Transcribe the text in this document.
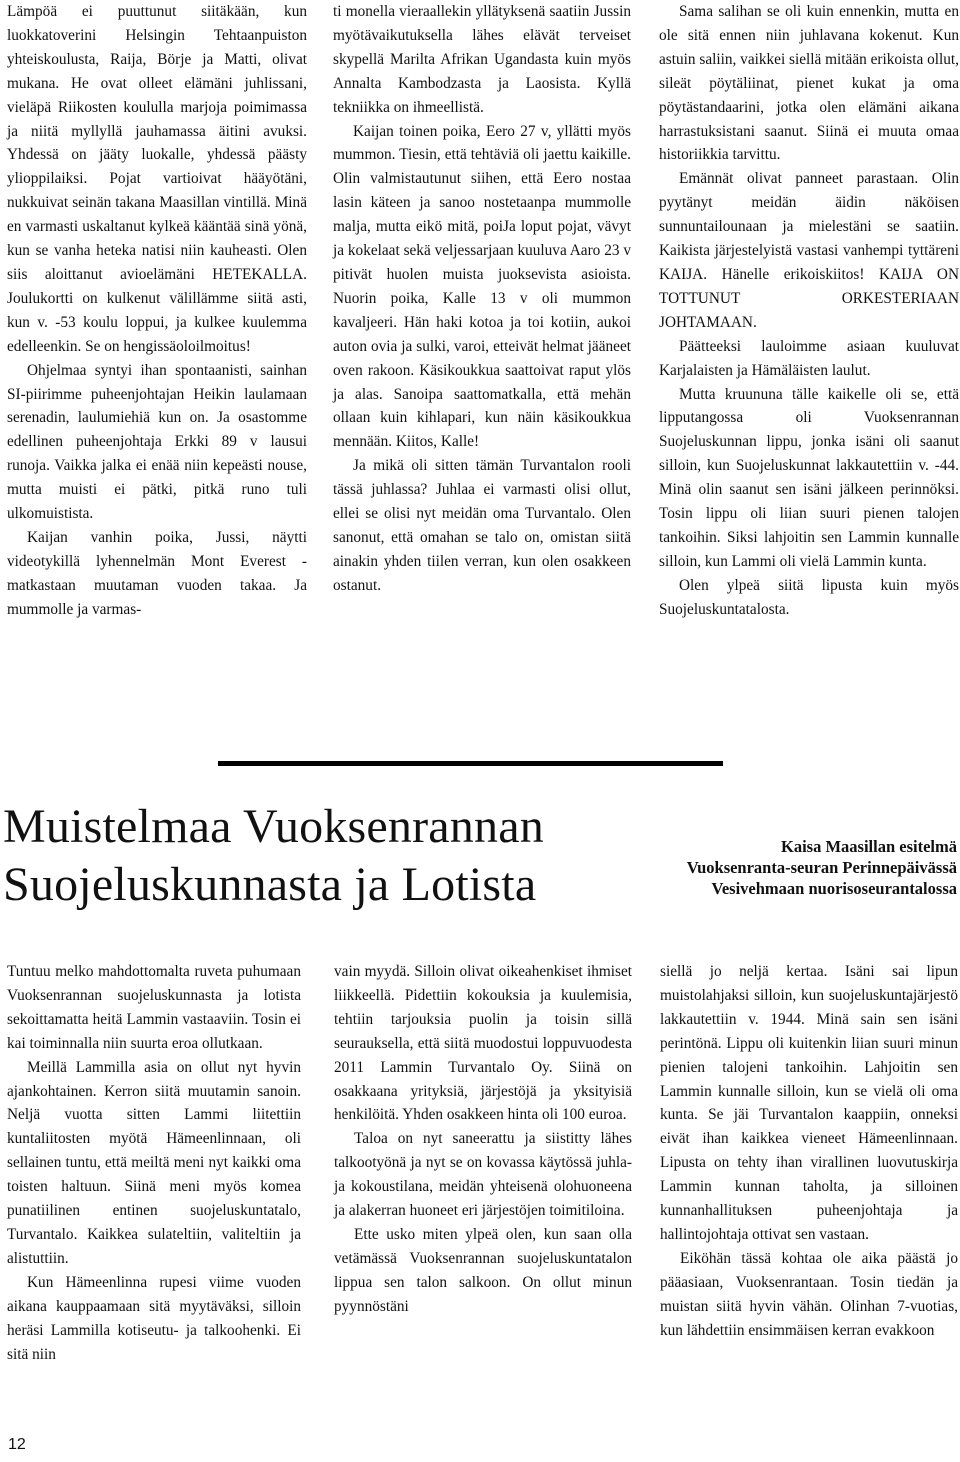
Lämpöä ei puuttunut siitäkään, kun luokkatoverini Helsingin Tehtaanpuiston yhteiskoulusta, Raija, Börje ja Matti, olivat mukana. He ovat olleet elämäni juhlissani, vieläpä Riikosten koululla marjoja poimimassa ja niitä myllyllä jauhamassa äitini avuksi. Yhdessä on jääty luokalle, yhdessä päästy ylioppilaiksi. Pojat vartioivat hääyötäni, nukkuivat seinän takana Maasillan vintillä. Minä en varmasti uskaltanut kylkeä kääntää sinä yönä, kun se vanha heteka natisi niin kauheasti. Olen siis aloittanut avioelämäni HETEKALLA. Joulukortti on kulkenut välillämme siitä asti, kun v. -53 koulu loppui, ja kulkee kuulemma edelleenkin. Se on hengissäoloilmoitus!

Ohjelmaa syntyi ihan spontaanisti, sainhan SI-piirimme puheenjohtajan Heikin laulamaan serenadin, laulumiehiä kun on. Ja osastomme edellinen puheenjohtaja Erkki 89 v lausui runoja. Vaikka jalka ei enää niin kepeästi nouse, mutta muisti ei pätki, pitkä runo tuli ulkomuistista.

Kaijan vanhin poika, Jussi, näytti videotykillä lyhennelmän Mont Everest -matkastaan muutaman vuoden takaa. Ja mummolle ja varmas-

ti monella vieraallekin yllätyksenä saatiin Jussin myötävaikutuksella lähes elävät terveiset skypellä Marilta Afrikan Ugandasta kuin myös Annalta Kambodzasta ja Laosista. Kyllä tekniikka on ihmeellistä.

Kaijan toinen poika, Eero 27 v, yllätti myös mummon. Tiesin, että tehtäviä oli jaettu kaikille. Olin valmistautunut siihen, että Eero nostaa lasin käteen ja sanoo nostetaanpa mummolle malja, mutta eikö mitä, poiJa loput pojat, vävyt ja kokelaat sekä veljessarjaan kuuluva Aaro 23 v pitivät huolen muista juoksevista asioista. Nuorin poika, Kalle 13 v oli mummon kavaljeeri. Hän haki kotoa ja toi kotiin, aukoi auton ovia ja sulki, varoi, etteivät helmat jääneet oven rakoon. Käsikoukkua saattoivat raput ylös ja alas. Sanoipa saattomatkalla, että mehän ollaan kuin kihlapari, kun näin käsikoukkua mennään. Kiitos, Kalle!

Ja mikä oli sitten tämän Turvantalon rooli tässä juhlassa? Juhlaa ei varmasti olisi ollut, ellei se olisi nyt meidän oma Turvantalo. Olen sanonut, että omahan se talo on, omistan siitä ainakin yhden tiilen verran, kun olen osakkeen ostanut.

Sama salihan se oli kuin ennenkin, mutta en ole sitä ennen niin juhlavana kokenut. Kun astuin saliin, vaikkei siellä mitään erikoista ollut, sileät pöytäliinat, pienet kukat ja oma pöytästandaarini, jotka olen elämäni aikana harrastuksistani saanut. Siinä ei muuta omaa historiikkia tarvittu.

Emännät olivat panneet parastaan. Olin pyytänyt meidän äidin näköisen sunnuntailounaan ja mielestäni se saatiin. Kaikista järjestelyistä vastasi vanhempi tyttäreni KAIJA. Hänelle erikoiskiitos! KAIJA ON TOTTUNUT ORKESTERIAAN JOHTAMAAN.

Päätteeksi lauloimme asiaan kuuluvat Karjalaisten ja Hämäläisten laulut.

Mutta kruununa tälle kaikelle oli se, että lipputangossa oli Vuoksenrannan Suojeluskunnan lippu, jonka isäni oli saanut silloin, kun Suojeluskunnat lakkautettiin v. -44. Minä olin saanut sen isäni jälkeen perinnöksi. Tosin lippu oli liian suuri pienen talojen tankoihin. Siksi lahjoitin sen Lammin kunnalle silloin, kun Lammi oli vielä Lammin kunta.

Olen ylpeä siitä lipusta kuin myös Suojeluskuntatalosta.

Muistelmaa Vuoksenrannan
Suojeluskunnasta ja Lotista
Kaisa Maasillan esitelmä
Vuoksenranta-seuran Perinnepäivässä
Vesivehmaan nuorisoseurantalossa

Tuntuu melko mahdottomalta ruveta puhumaan Vuoksenrannan suojeluskunnasta ja lotista sekoittamatta heitä Lammin vastaaviin. Tosin ei kai toiminnalla niin suurta eroa ollutkaan.

Meillä Lammilla asia on ollut nyt hyvin ajankohtainen. Kerron siitä muutamin sanoin. Neljä vuotta sitten Lammi liitettiin kuntaliitosten myötä Hämeenlinnaan, oli sellainen tuntu, että meiltä meni nyt kaikki oma toisten haltuun. Siinä meni myös komea punatiilinen entinen suojeluskuntatalo, Turvantalo. Kaikkea sulateltiin, valiteltiin ja alistuttiin.

Kun Hämeenlinna rupesi viime vuoden aikana kauppaamaan sitä myytäväksi, silloin heräsi Lammilla kotiseutu- ja talkoohenki. Ei sitä niin

vain myydä. Silloin olivat oikeahenkiset ihmiset liikkeellä. Pidettiin kokouksia ja kuulemisia, tehtiin tarjouksia puolin ja toisin sillä seurauksella, että siitä muodostui loppuvuodesta 2011 Lammin Turvantalo Oy. Siinä on osakkaana yrityksiä, järjestöjä ja yksityisiä henkilöitä. Yhden osakkeen hinta oli 100 euroa.

Taloa on nyt saneerattu ja siistitty lähes talkootyönä ja nyt se on kovassa käytössä juhla- ja kokoustilana, meidän yhteisenä olohuoneena ja alakerran huoneet eri järjestöjen toimitiloina.

Ette usko miten ylpeä olen, kun saan olla vetämässä Vuoksenrannan suojeluskuntatalon lippua sen talon salkoon. On ollut minun pyynnöstäni

siellä jo neljä kertaa. Isäni sai lipun muistolahjaksi silloin, kun suojeluskuntajärjestö lakkautettiin v. 1944. Minä sain sen isäni perintönä. Lippu oli kuitenkin liian suuri minun pienien talojeni tankoihin. Lahjoitin sen Lammin kunnalle silloin, kun se vielä oli oma kunta. Se jäi Turvantalon kaappiin, onneksi eivät ihan kaikkea vieneet Hämeenlinnaan. Lipusta on tehty ihan virallinen luovutuskirja Lammin kunnan taholta, ja silloinen kunnanhallituksen puheenjohtaja ja hallintojohtaja ottivat sen vastaan.

Eiköhän tässä kohtaa ole aika päästä jo pääasiaan, Vuoksenrantaan. Tosin tiedän ja muistan siitä hyvin vähän. Olinhan 7-vuotias, kun lähdettiin ensimmäisen kerran evakkoon

12
